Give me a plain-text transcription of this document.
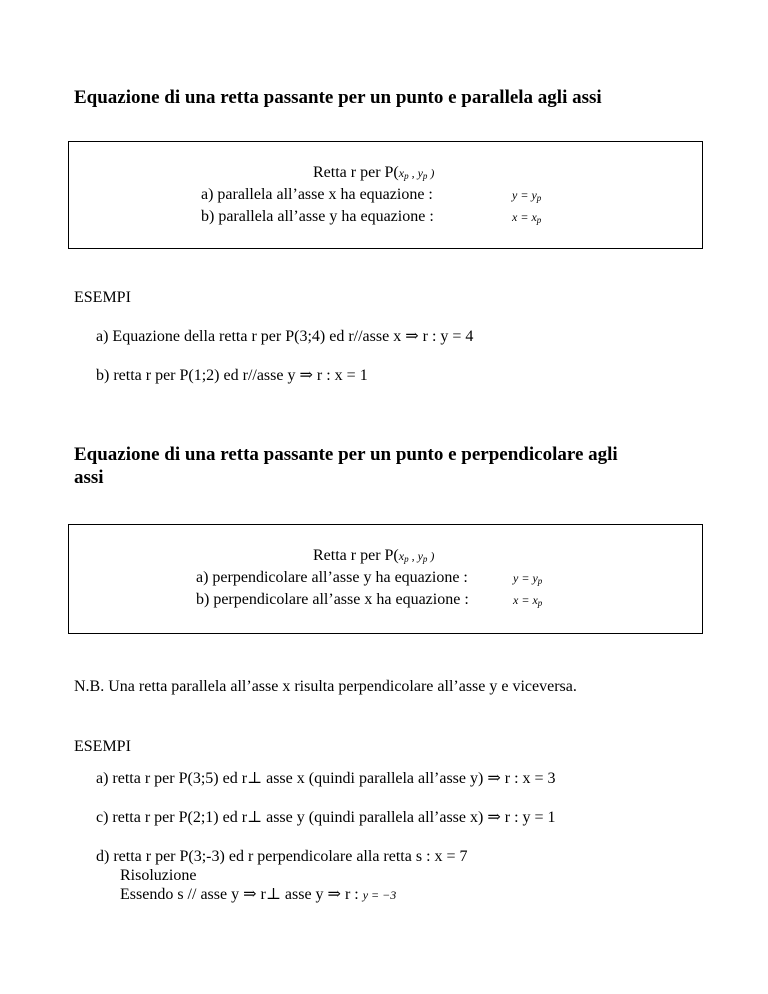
Equazione di una retta passante per un punto e parallela agli assi
Retta r per $P(x_p$ , $y_p$ )
a) parallela all’asse x ha equazione :	$y = y_p$
b) parallela all’asse y ha equazione :	$x = x_p$
ESEMPI
a) Equazione della retta r per P(3;4) ed r//asse x ⇒ r : y = 4
b) retta r per P(1;2) ed r//asse y ⇒ r : x = 1
Equazione di una retta passante per un punto e perpendicolare agli
assi
Retta r per $P(x_p$ , $y_p$ )
a) perpendicolare all’asse y ha equazione :	$y = y_p$
b) perpendicolare all’asse x ha equazione :	$x = x_p$
N.B. Una retta parallela all’asse x risulta perpendicolare all’asse y e viceversa.
ESEMPI
a) retta r per P(3;5) ed r⊥ asse x (quindi parallela all’asse y) ⇒ r : x = 3
c) retta r per P(2;1) ed r⊥ asse y (quindi parallela all’asse x) ⇒ r : y = 1
d) retta r per P(3;-3) ed r perpendicolare alla retta s : x = 7
Risoluzione
Essendo s // asse y ⇒ r⊥ asse y ⇒ r : y = −3
